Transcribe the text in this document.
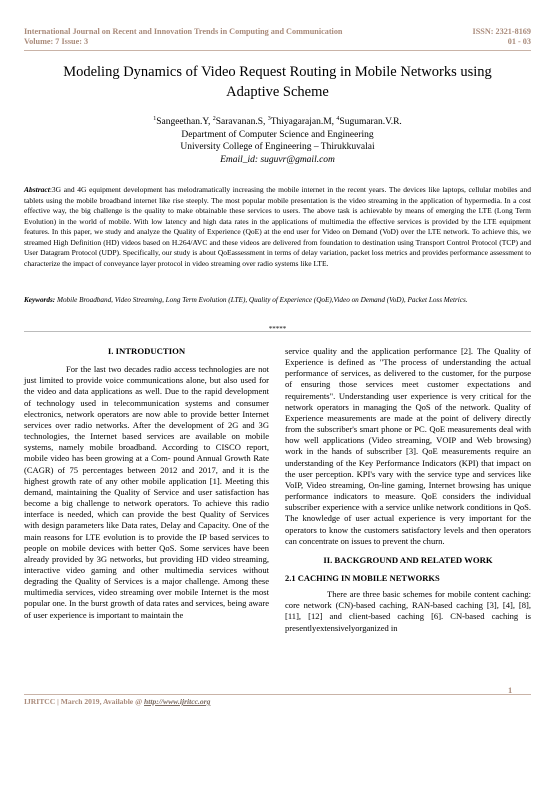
International Journal on Recent and Innovation Trends in Computing and Communication
Volume: 7 Issue: 3
ISSN: 2321-8169
01 - 03
Modeling Dynamics of Video Request Routing in Mobile Networks using
Adaptive Scheme
$^1$Sangeethan.Y, $^2$Saravanan.S, $^3$Thiyagarajan.M, $^4$Sugumaran.V.R.
Department of Computer Science and Engineering
University College of Engineering – Thirukkuvalai
Email_id: suguvr@gmail.com
Abstract:3G and 4G equipment development has melodramatically increasing the mobile internet in the recent years. The devices like laptops, cellular mobiles and tablets using the mobile broadband internet like rise steeply. The most popular mobile presentation is the video streaming in the application of hypermedia. In a cost effective way, the big challenge is the quality to make obtainable these services to users. The above task is achievable by means of emerging the LTE (Long Term Evolution) in the world of mobile. With low latency and high data rates in the applications of multimedia the effective services is provided by the LTE equipment features. In this paper, we study and analyze the Quality of Experience (QoE) at the end user for Video on Demand (VoD) over the LTE network. To achieve this, we streamed High Definition (HD) videos based on H.264/AVC and these videos are delivered from foundation to destination using Transport Control Protocol (TCP) and User Datagram Protocol (UDP). Specifically, our study is about QoEassessment in terms of delay variation, packet loss metrics and provides performance assessment to characterize the impact of conveyance layer protocol in video streaming over radio systems like LTE.
Keywords: Mobile Broadband, Video Streaming, Long Term Evolution (LTE), Quality of Experience (QoE),Video on Demand (VoD), Packet Loss Metrics.
*****
I. INTRODUCTION

For the last two decades radio access technologies are not just limited to provide voice communications alone, but also used for the video and data applications as well. Due to the rapid development of technology used in telecommunication systems and consumer electronics, network operators are now able to provide better Internet services over radio networks. After the development of 2G and 3G technologies, the Internet based services are available on mobile systems, namely mobile broadband. According to CISCO report, mobile video has been growing at a Com- pound Annual Growth Rate (CAGR) of 75 percentages between 2012 and 2017, and it is the highest growth rate of any other mobile application [1]. Meeting this demand, maintaining the Quality of Service and user satisfaction has become a big challenge to network operators. To achieve this radio interface is needed, which can provide the best Quality of Services with design parameters like Data rates, Delay and Capacity. One of the main reasons for LTE evolution is to provide the IP based services to people on mobile devices with better QoS. Some services have been already provided by 3G networks, but providing HD video streaming, interactive video gaming and other multimedia services without degrading the Quality of Services is a major challenge. Among these multimedia services, video streaming over mobile Internet is the most popular one. In the burst growth of data rates and services, being aware of user experience is important to maintain the

service quality and the application performance [2]. The Quality of Experience is defined as "The process of understanding the actual performance of services, as delivered to the customer, for the purpose of ensuring those services meet customer expectations and requirements". Understanding user experience is very critical for the network operators in managing the QoS of the network. Quality of Experience measurements are made at the point of delivery directly from the subscriber's smart phone or PC. QoE measurements deal with how well applications (Video streaming, VOIP and Web browsing) work in the hands of subscriber [3]. QoE measurements require an understanding of the Key Performance Indicators (KPI) that impact on the user perception. KPI's vary with the service type and services like VoIP, Video streaming, On-line gaming, Internet browsing has unique performance indicators to measure. QoE considers the individual subscriber experience with a service unlike network conditions in QoS. The knowledge of user actual experience is very important for the operators to know the customers satisfactory levels and then operators can concentrate on issues to prevent the churn.

II. BACKGROUND AND RELATED WORK
2.1 CACHING IN MOBILE NETWORKS

There are three basic schemes for mobile content caching: core network (CN)-based caching, RAN-based caching [3], [4], [8], [11], [12] and client-based caching [6]. CN-based caching is presentlyextensivelyorganized in

1
IJRITCC | March 2019, Available @ http://www.ijritcc.org
